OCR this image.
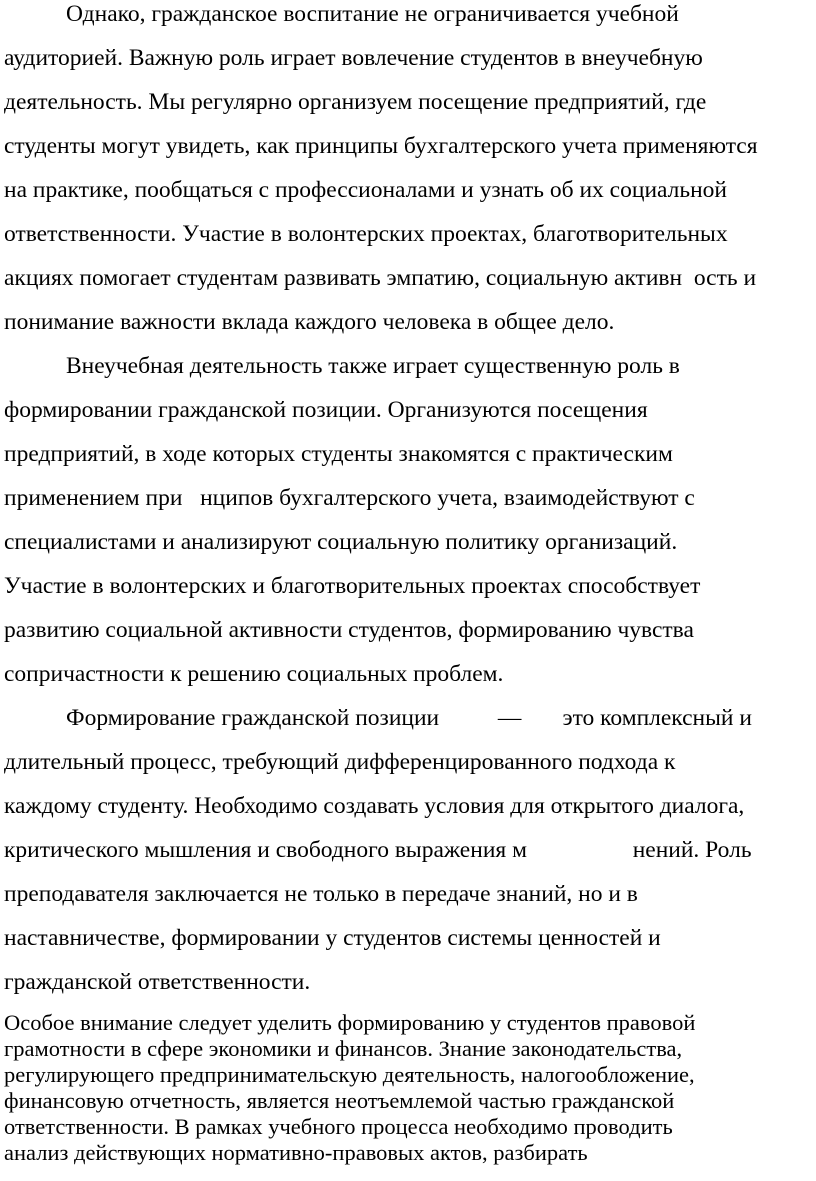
Однако, гражданское воспитание не ограничивается учебной
аудиторией. Важную роль играет вовлечение студентов в внеучебную
деятельность. Мы регулярно организуем посещение предприятий, где
студенты могут увидеть, как принципы бухгалтерского учета применяются
на практике, пообщаться с профессионалами и узнать об их социальной
ответственности. Участие в волонтерских проектах, благотворительных
акциях помогает студентам развивать эмпатию, социальную активн  ость и
понимание важности вклада каждого человека в общее дело.
Внеучебная деятельность также играет существенную роль в
формировании гражданской позиции. Организуются посещения
предприятий, в ходе которых студенты знакомятся с практическим
применением при   нципов бухгалтерского учета, взаимодействуют с
специалистами и анализируют социальную политику организаций.
Участие в волонтерских и благотворительных проектах способствует
развитию социальной активности студентов, формированию чувства
сопричастности к решению социальных проблем.
Формирование гражданской позиции          —       это комплексный и
длительный процесс, требующий дифференцированного подхода к
каждому студенту. Необходимо создавать условия для открытого диалога,
критического мышления и свободного выражения м                  нений. Роль
преподавателя заключается не только в передаче знаний, но и в
наставничестве, формировании у студентов системы ценностей и
гражданской ответственности.
Особое внимание следует уделить формированию у студентов правовой
грамотности в сфере экономики и финансов. Знание законодательства,
регулирующего предпринимательскую деятельность, налогообложение,
финансовую отчетность, является неотъемлемой частью гражданской
ответственности. В рамках учебного процесса необходимо проводить
анализ действующих нормативно-правовых актов, разбирать
